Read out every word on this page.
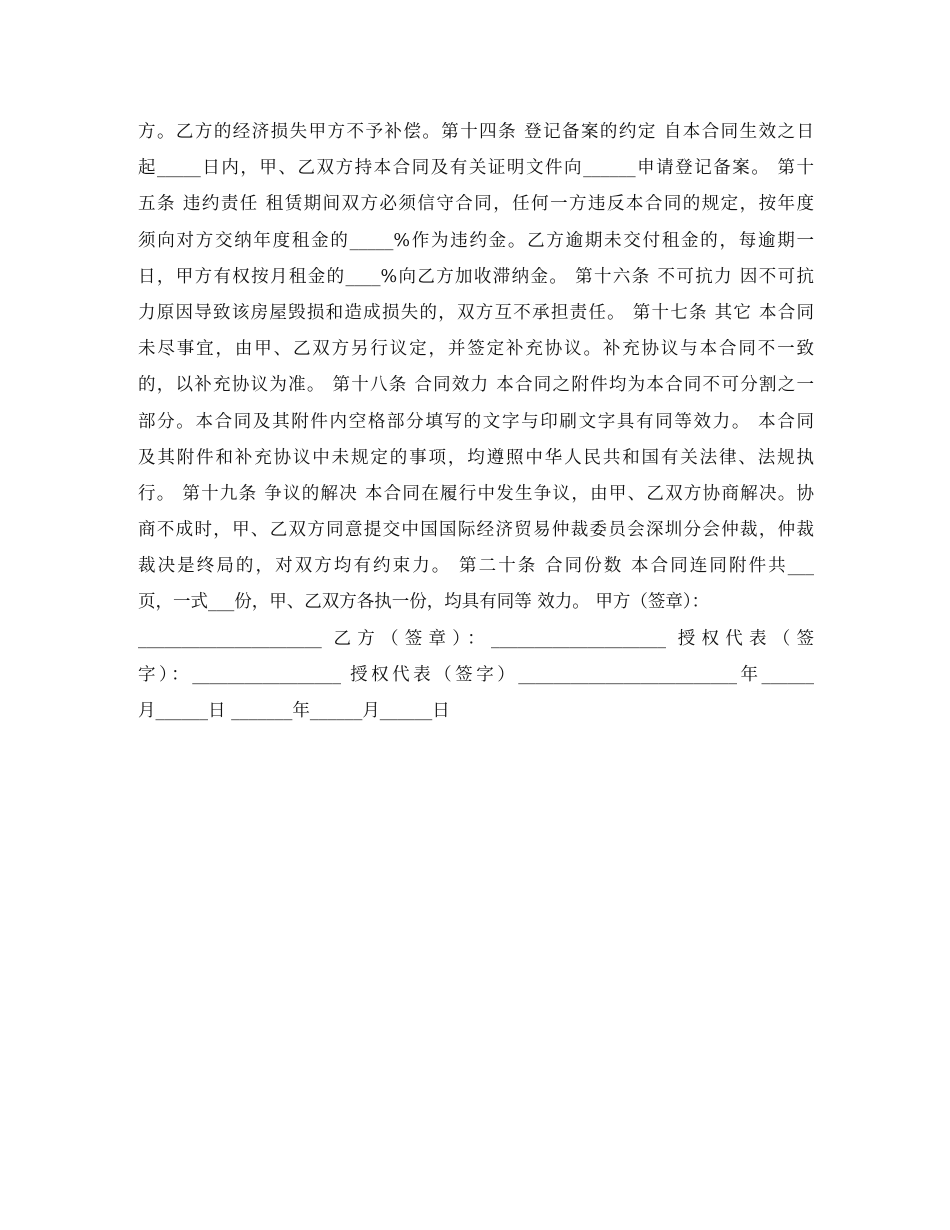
方。乙方的经济损失甲方不予补偿。第十四条 登记备案的约定 自本合同生效之日
起_____日内，甲、乙双方持本合同及有关证明文件向______申请登记备案。 第十
五条 违约责任 租赁期间双方必须信守合同，任何一方违反本合同的规定，按年度
须向对方交纳年度租金的_____%作为违约金。乙方逾期未交付租金的，每逾期一
日，甲方有权按月租金的____%向乙方加收滞纳金。 第十六条 不可抗力 因不可抗
力原因导致该房屋毁损和造成损失的，双方互不承担责任。 第十七条 其它 本合同
未尽事宜，由甲、乙双方另行议定，并签定补充协议。补充协议与本合同不一致
的，以补充协议为准。 第十八条 合同效力 本合同之附件均为本合同不可分割之一
部分。本合同及其附件内空格部分填写的文字与印刷文字具有同等效力。 本合同
及其附件和补充协议中未规定的事项，均遵照中华人民共和国有关法律、法规执
行。 第十九条 争议的解决 本合同在履行中发生争议，由甲、乙双方协商解决。协
商不成时，甲、乙双方同意提交中国国际经济贸易仲裁委员会深圳分会仲裁，仲裁
裁决是终局的，对双方均有约束力。 第二十条 合同份数 本合同连同附件共___
页，一式___份，甲、乙双方各执一份，均具有同等 效力。 甲方（签章）：
_____________________ 乙方（签章）：____________________ 授权代表（签
字）：_________________ 授权代表（签字）_________________________年______
月______日 _______年______月______日
